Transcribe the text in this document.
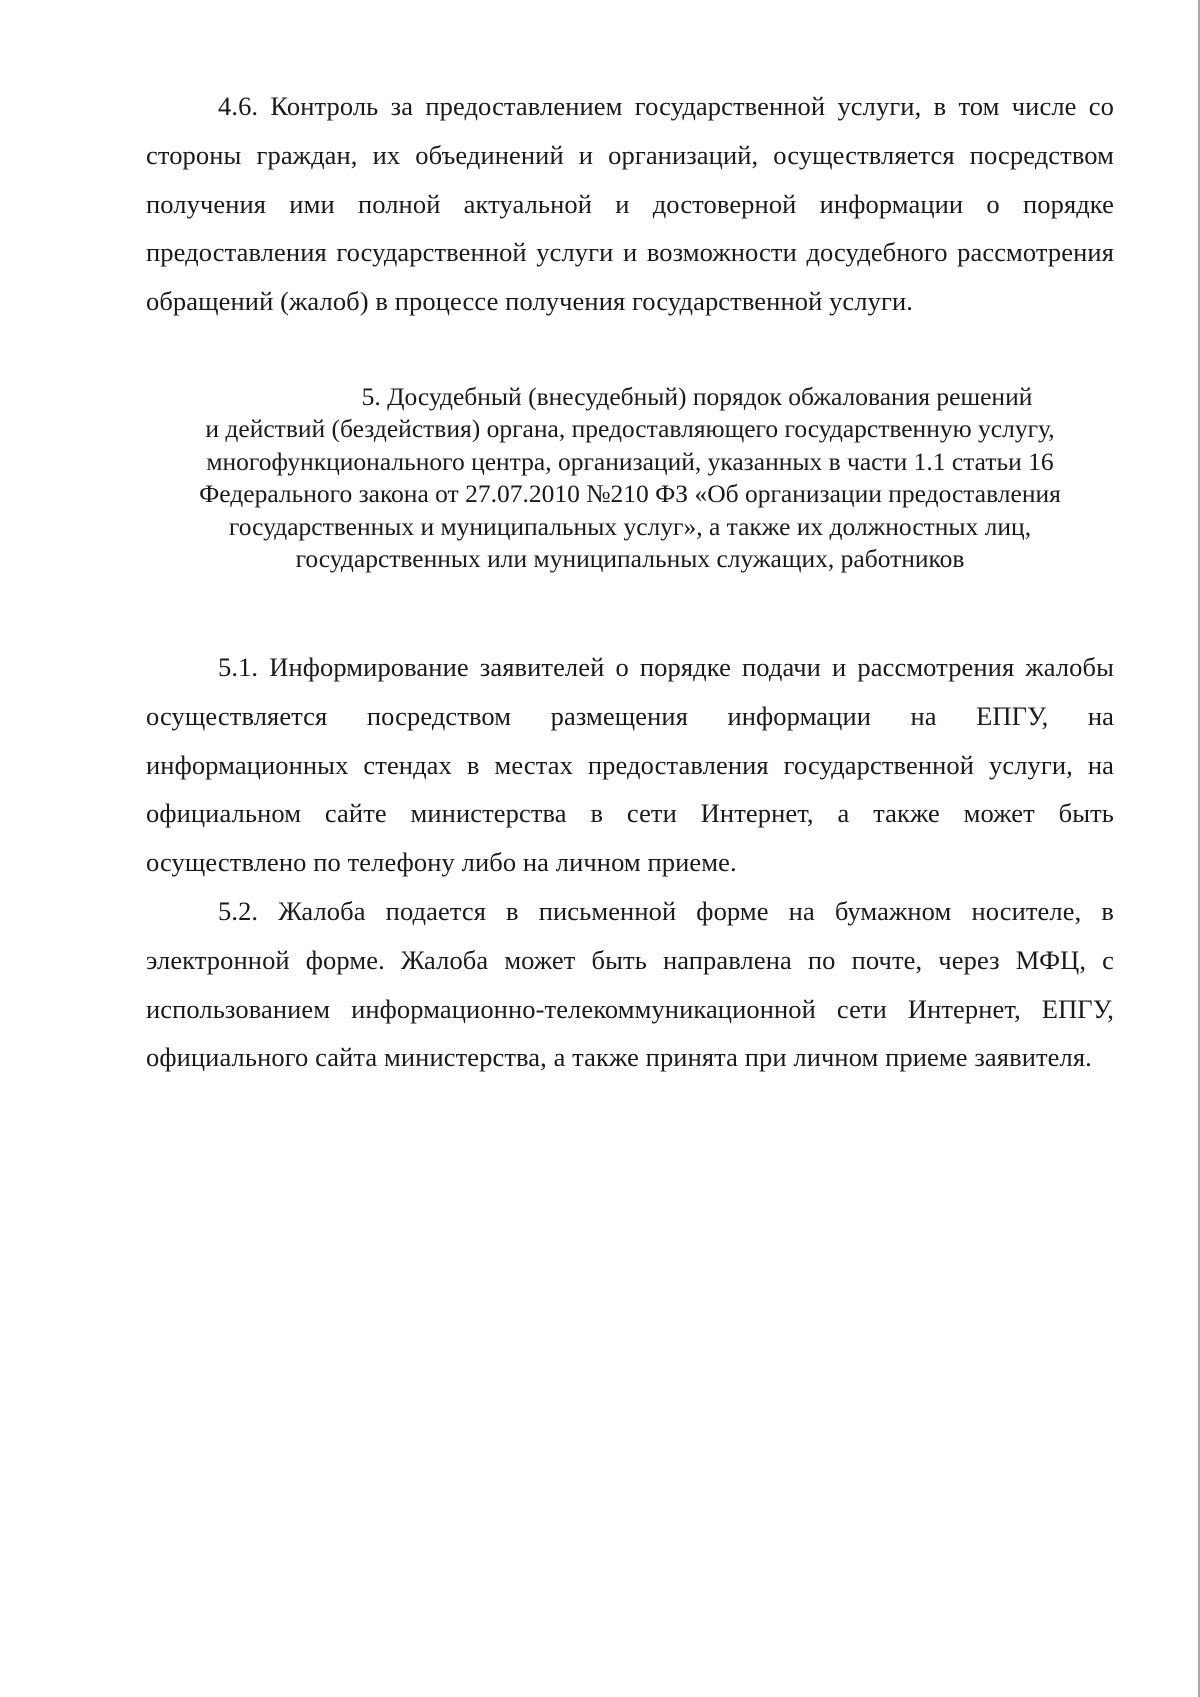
4.6. Контроль за предоставлением государственной услуги, в том числе со стороны граждан, их объединений и организаций, осуществляется посредством получения ими полной актуальной и достоверной информации о порядке предоставления государственной услуги и возможности досудебного рассмотрения обращений (жалоб) в процессе получения государственной услуги.

5. Досудебный (внесудебный) порядок обжалования решений
и действий (бездействия) органа, предоставляющего государственную услугу,
многофункционального центра, организаций, указанных в части 1.1 статьи 16
Федерального закона от 27.07.2010 №210 ФЗ «Об организации предоставления
государственных и муниципальных услуг», а также их должностных лиц,
государственных или муниципальных служащих, работников

5.1. Информирование заявителей о порядке подачи и рассмотрения жалобы осуществляется посредством размещения информации на ЕПГУ, на информационных стендах в местах предоставления государственной услуги, на официальном сайте министерства в сети Интернет, а также может быть осуществлено по телефону либо на личном приеме.

5.2. Жалоба подается в письменной форме на бумажном носителе, в электронной форме. Жалоба может быть направлена по почте, через МФЦ, с использованием информационно-телекоммуникационной сети Интернет, ЕПГУ, официального сайта министерства, а также принята при личном приеме заявителя.
